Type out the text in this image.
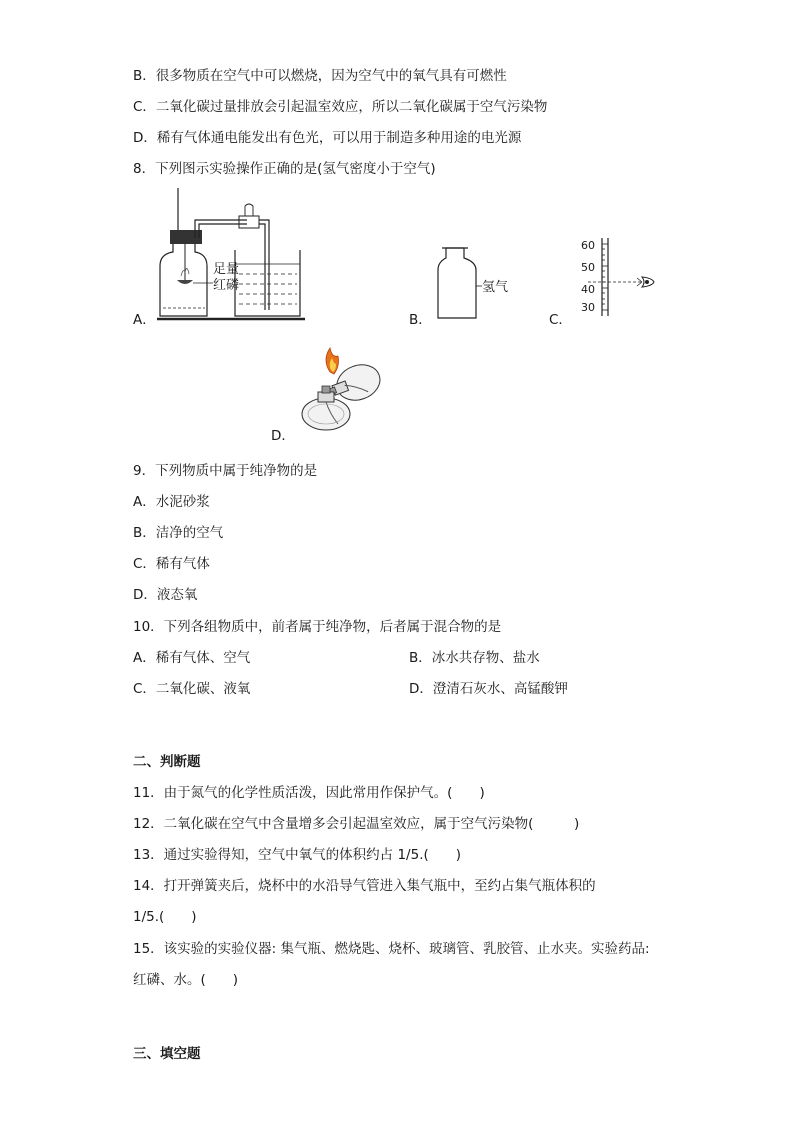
B．很多物质在空气中可以燃烧，因为空气中的氧气具有可燃性
C．二氧化碳过量排放会引起温室效应，所以二氧化碳属于空气污染物
D．稀有气体通电能发出有色光，可以用于制造多种用途的电光源
8．下列图示实验操作正确的是(氢气密度小于空气)
足量
红磷
A．
氢气
B．
60
50
40
30
C．
D．
9．下列物质中属于纯净物的是
A．水泥砂浆
B．洁净的空气
C．稀有气体
D．液态氧
10．下列各组物质中，前者属于纯净物，后者属于混合物的是
A．稀有气体、空气	B．冰水共存物、盐水
C．二氧化碳、液氧	D．澄清石灰水、高锰酸钾
二、判断题
11．由于氮气的化学性质活泼，因此常用作保护气。(　　)
12．二氧化碳在空气中含量增多会引起温室效应，属于空气污染物(　　　)
13．通过实验得知，空气中氧气的体积约占 1/5.(　　)
14．打开弹簧夹后，烧杯中的水沿导气管进入集气瓶中，至约占集气瓶体积的
1/5.(　　)
15．该实验的实验仪器: 集气瓶、燃烧匙、烧杯、玻璃管、乳胶管、止水夹。实验药品:
红磷、水。(　　)
三、填空题
